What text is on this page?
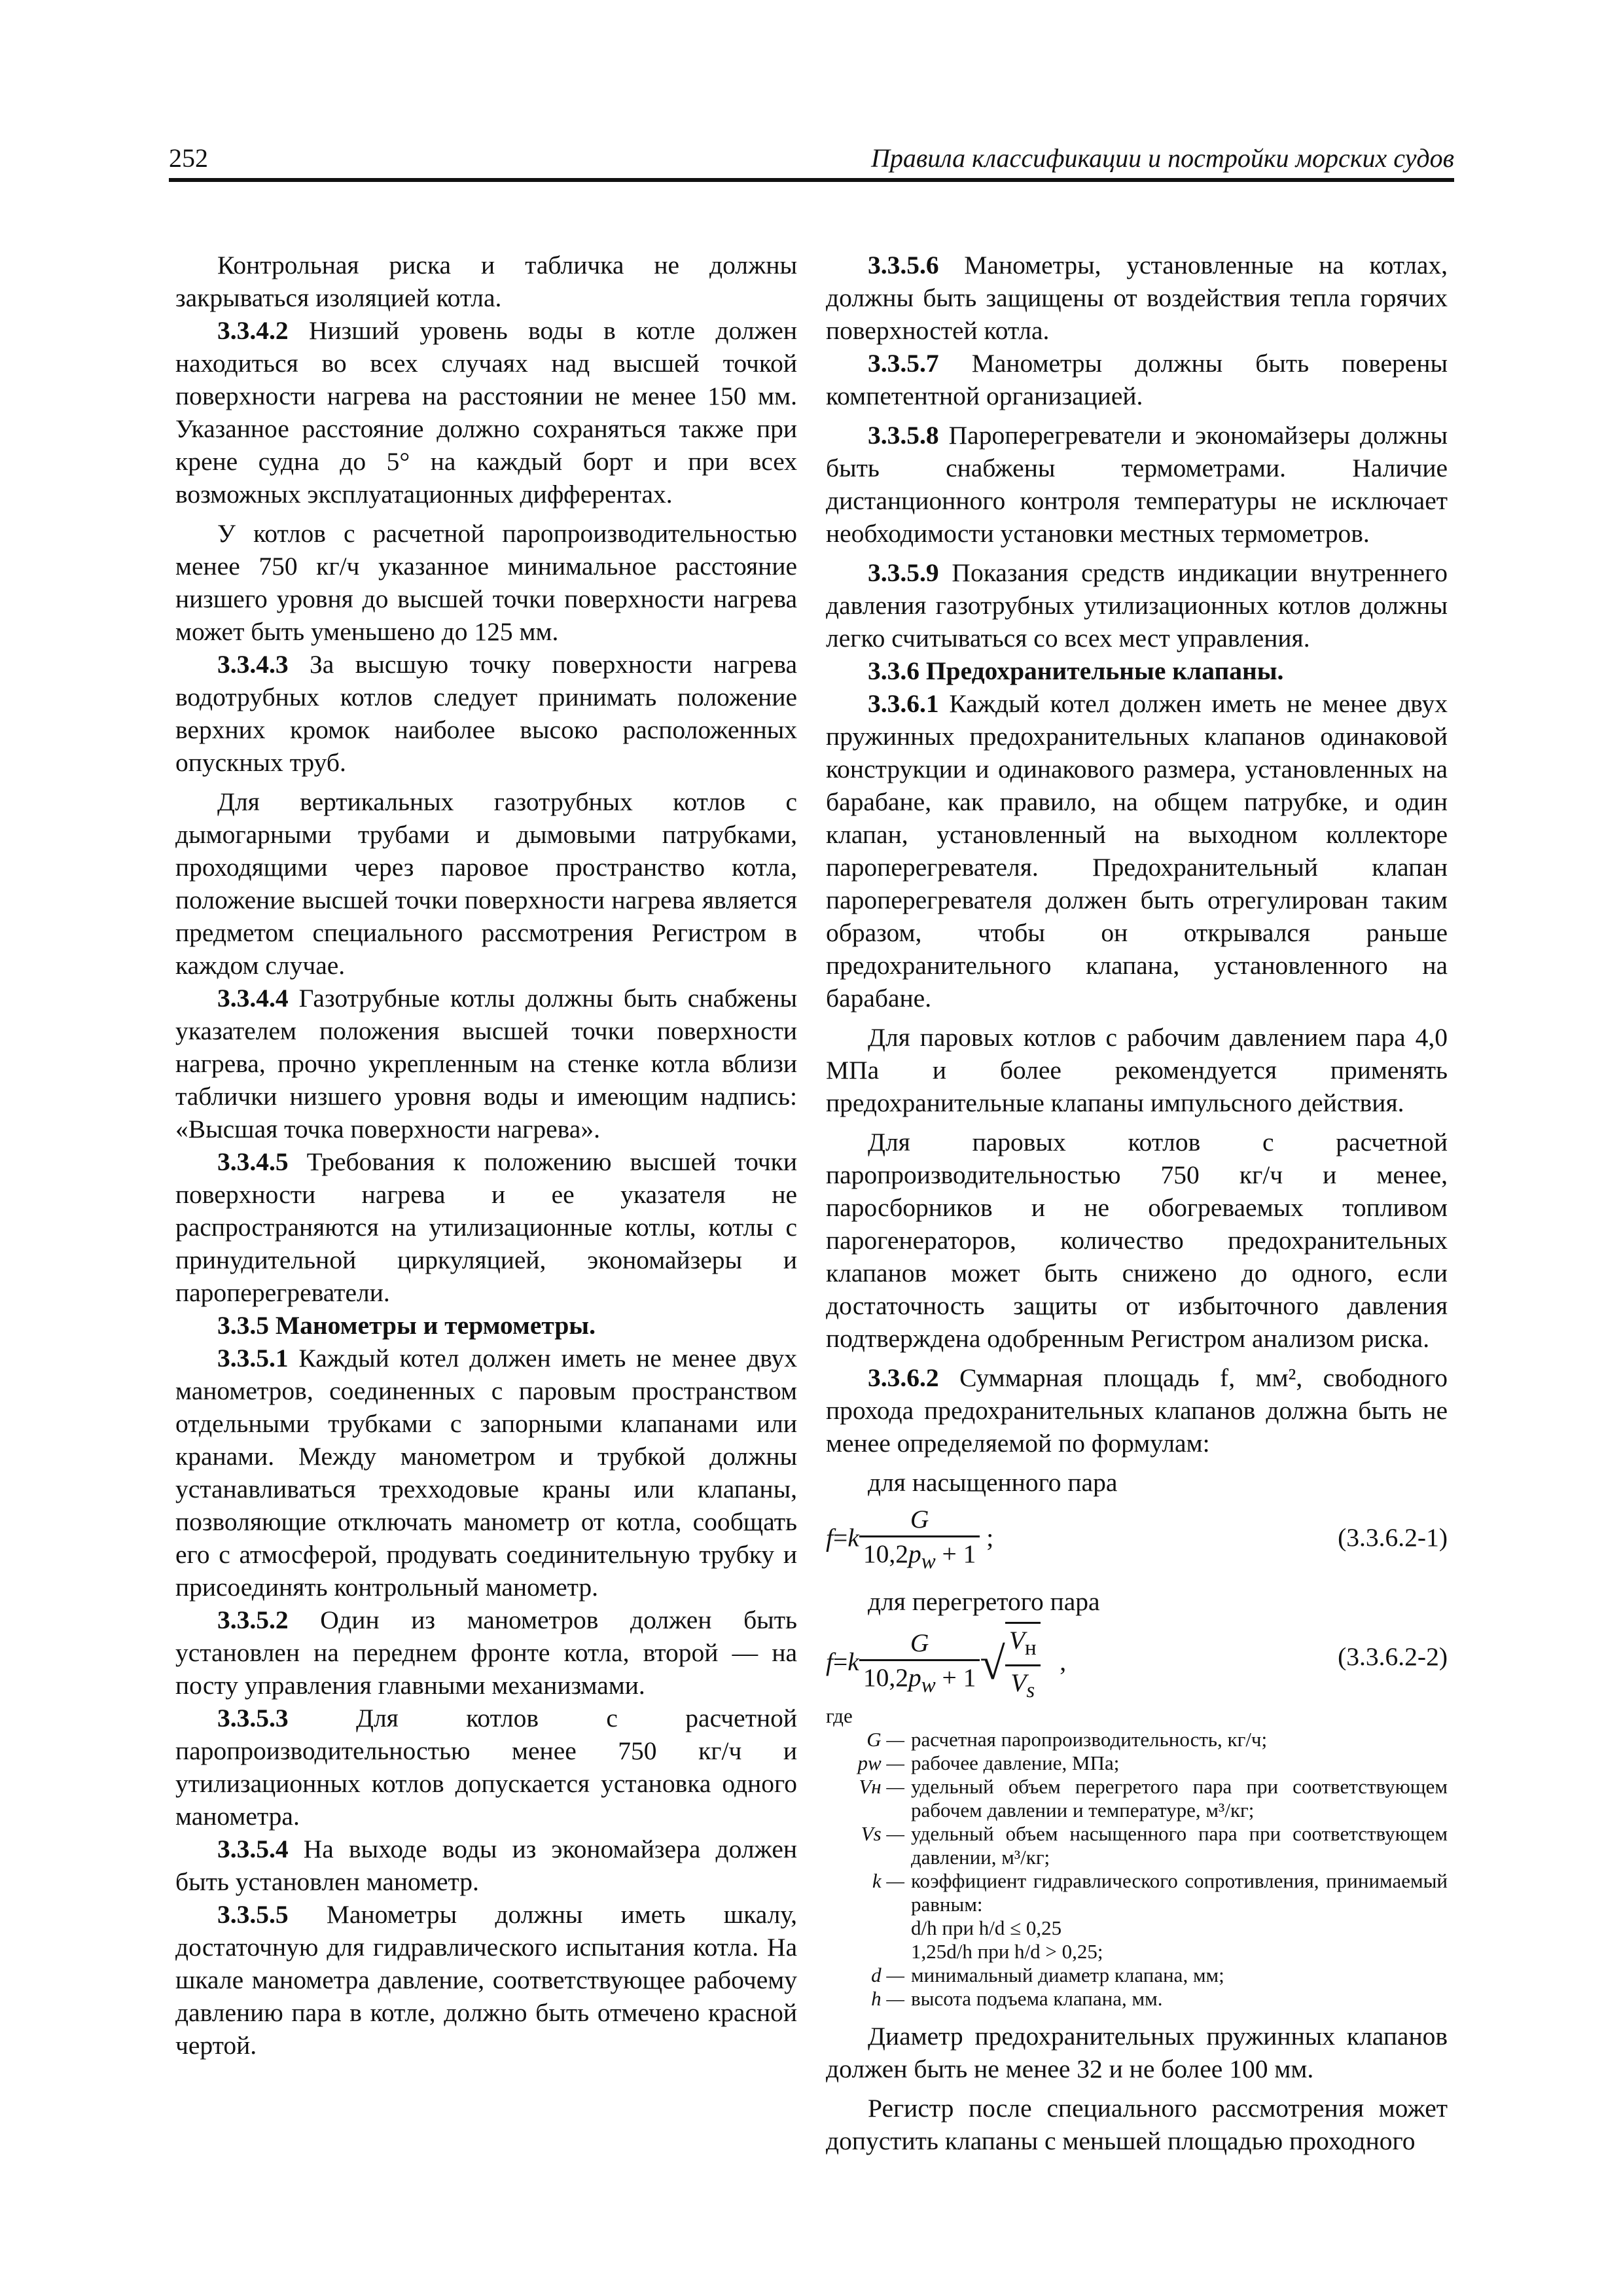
252	Правила классификации и постройки морских судов

Контрольная риска и табличка не должны закрываться изоляцией котла.

3.3.4.2 Низший уровень воды в котле должен находиться во всех случаях над высшей точкой поверхности нагрева на расстоянии не менее 150 мм. Указанное расстояние должно сохраняться также при крене судна до 5° на каждый борт и при всех возможных эксплуатационных дифферентах.

У котлов с расчетной паропроизводительностью менее 750 кг/ч указанное минимальное расстояние низшего уровня до высшей точки поверхности нагрева может быть уменьшено до 125 мм.

3.3.4.3 За высшую точку поверхности нагрева водотрубных котлов следует принимать положение верхних кромок наиболее высоко расположенных опускных труб.

Для вертикальных газотрубных котлов с дымогарными трубами и дымовыми патрубками, проходящими через паровое пространство котла, положение высшей точки поверхности нагрева является предметом специального рассмотрения Регистром в каждом случае.

3.3.4.4 Газотрубные котлы должны быть снабжены указателем положения высшей точки поверхности нагрева, прочно укрепленным на стенке котла вблизи таблички низшего уровня воды и имеющим надпись: «Высшая точка поверхности нагрева».

3.3.4.5 Требования к положению высшей точки поверхности нагрева и ее указателя не распространяются на утилизационные котлы, котлы с принудительной циркуляцией, экономайзеры и пароперегреватели.

3.3.5 Манометры и термометры.

3.3.5.1 Каждый котел должен иметь не менее двух манометров, соединенных с паровым пространством отдельными трубками с запорными клапанами или кранами. Между манометром и трубкой должны устанавливаться трехходовые краны или клапаны, позволяющие отключать манометр от котла, сообщать его с атмосферой, продувать соединительную трубку и присоединять контрольный манометр.

3.3.5.2 Один из манометров должен быть установлен на переднем фронте котла, второй — на посту управления главными механизмами.

3.3.5.3 Для котлов с расчетной паропроизводительностью менее 750 кг/ч и утилизационных котлов допускается установка одного манометра.

3.3.5.4 На выходе воды из экономайзера должен быть установлен манометр.

3.3.5.5 Манометры должны иметь шкалу, достаточную для гидравлического испытания котла. На шкале манометра давление, соответствующее рабочему давлению пара в котле, должно быть отмечено красной чертой.

3.3.5.6 Манометры, установленные на котлах, должны быть защищены от воздействия тепла горячих поверхностей котла.

3.3.5.7 Манометры должны быть поверены компетентной организацией.

3.3.5.8 Пароперегреватели и экономайзеры должны быть снабжены термометрами. Наличие дистанционного контроля температуры не исключает необходимости установки местных термометров.

3.3.5.9 Показания средств индикации внутреннего давления газотрубных утилизационных котлов должны легко считываться со всех мест управления.

3.3.6 Предохранительные клапаны.

3.3.6.1 Каждый котел должен иметь не менее двух пружинных предохранительных клапанов одинаковой конструкции и одинакового размера, установленных на барабане, как правило, на общем патрубке, и один клапан, установленный на выходном коллекторе пароперегревателя. Предохранительный клапан пароперегревателя должен быть отрегулирован таким образом, чтобы он открывался раньше предохранительного клапана, установленного на барабане.

Для паровых котлов с рабочим давлением пара 4,0 МПа и более рекомендуется применять предохранительные клапаны импульсного действия.

Для паровых котлов с расчетной паропроизводительностью 750 кг/ч и менее, паросборников и не обогреваемых топливом парогенераторов, количество предохранительных клапанов может быть снижено до одного, если достаточность защиты от избыточного давления подтверждена одобренным Регистром анализом риска.

3.3.6.2 Суммарная площадь f, мм², свободного прохода предохранительных клапанов должна быть не менее определяемой по формулам:

для насыщенного пара

$f=k \frac{G}{10,2p_w + 1}$ ;	(3.3.6.2-1)

для перегретого пара

$f=k \frac{G}{10,2p_w + 1}$ √ $\frac{V_н}{V_s}$ ,	(3.3.6.2-2)
где
G — расчетная паропроизводительность, кг/ч;
pw — рабочее давление, МПа;
Vн — удельный объем перегретого пара при соответствующем рабочем давлении и температуре, м³/кг;
Vs — удельный объем насыщенного пара при соответствующем давлении, м³/кг;
k — коэффициент гидравлического сопротивления, принимаемый равным:
d/h при h/d ≤ 0,25
1,25d/h при h/d > 0,25;
d — минимальный диаметр клапана, мм;
h — высота подъема клапана, мм.

Диаметр предохранительных пружинных клапанов должен быть не менее 32 и не более 100 мм.

Регистр после специального рассмотрения может допустить клапаны с меньшей площадью проходного
